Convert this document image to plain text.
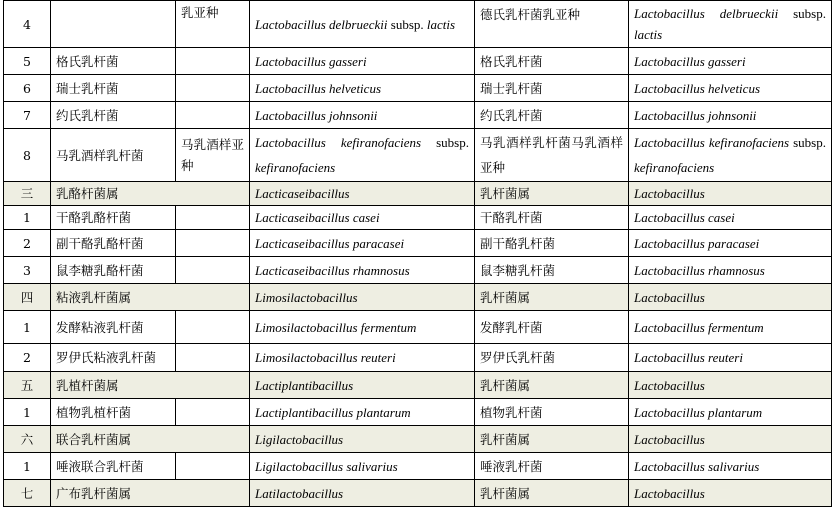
4		乳亚种	Lactobacillus delbrueckii subsp. lactis	德氏乳杆菌乳亚种	Lactobacillus delbrueckii subsp. lactis
5	格氏乳杆菌		Lactobacillus gasseri	格氏乳杆菌	Lactobacillus gasseri
6	瑞士乳杆菌		Lactobacillus helveticus	瑞士乳杆菌	Lactobacillus helveticus
7	约氏乳杆菌		Lactobacillus johnsonii	约氏乳杆菌	Lactobacillus johnsonii
8	马乳酒样乳杆菌	马乳酒样亚种	Lactobacillus kefiranofaciens subsp. kefiranofaciens	马乳酒样乳杆菌马乳酒样亚种	Lactobacillus kefiranofaciens subsp. kefiranofaciens
三	乳酪杆菌属		Lacticaseibacillus	乳杆菌属	Lactobacillus
1	干酪乳酪杆菌		Lacticaseibacillus casei	干酪乳杆菌	Lactobacillus casei
2	副干酪乳酪杆菌		Lacticaseibacillus paracasei	副干酪乳杆菌	Lactobacillus paracasei
3	鼠李糖乳酪杆菌		Lacticaseibacillus rhamnosus	鼠李糖乳杆菌	Lactobacillus rhamnosus
四	粘液乳杆菌属		Limosilactobacillus	乳杆菌属	Lactobacillus
1	发酵粘液乳杆菌		Limosilactobacillus fermentum	发酵乳杆菌	Lactobacillus fermentum
2	罗伊氏粘液乳杆菌		Limosilactobacillus reuteri	罗伊氏乳杆菌	Lactobacillus reuteri
五	乳植杆菌属		Lactiplantibacillus	乳杆菌属	Lactobacillus
1	植物乳植杆菌		Lactiplantibacillus plantarum	植物乳杆菌	Lactobacillus plantarum
六	联合乳杆菌属		Ligilactobacillus	乳杆菌属	Lactobacillus
1	唾液联合乳杆菌		Ligilactobacillus salivarius	唾液乳杆菌	Lactobacillus salivarius
七	广布乳杆菌属		Latilactobacillus	乳杆菌属	Lactobacillus
